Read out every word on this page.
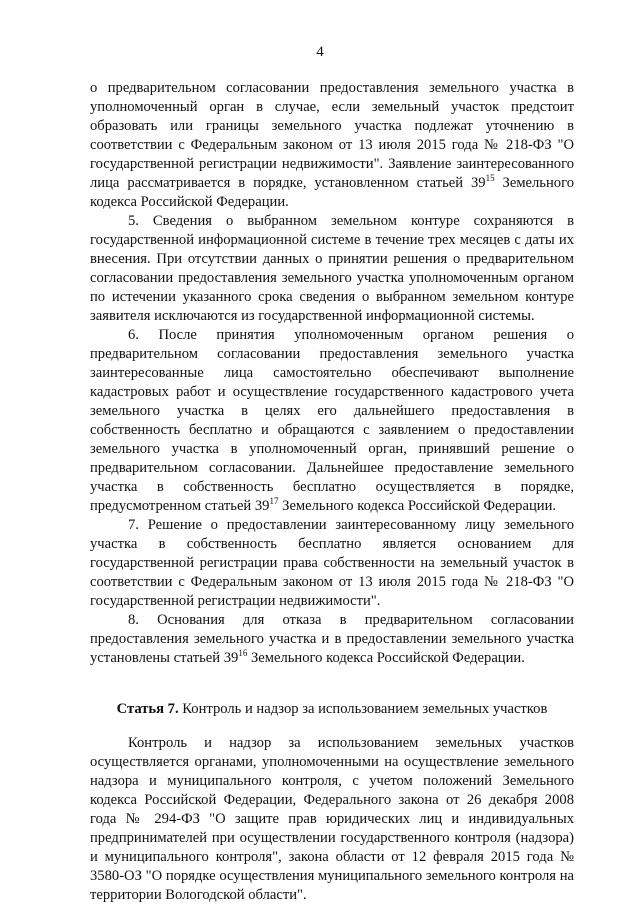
4

о предварительном согласовании предоставления земельного участка в уполномоченный орган в случае, если земельный участок предстоит образовать или границы земельного участка подлежат уточнению в соответствии с Федеральным законом от 13 июля 2015 года № 218-ФЗ "О государственной регистрации недвижимости". Заявление заинтересованного лица рассматривается в порядке, установленном статьей $39^{15}$ Земельного кодекса Российской Федерации.

5. Сведения о выбранном земельном контуре сохраняются в государственной информационной системе в течение трех месяцев с даты их внесения. При отсутствии данных о принятии решения о предварительном согласовании предоставления земельного участка уполномоченным органом по истечении указанного срока сведения о выбранном земельном контуре заявителя исключаются из государственной информационной системы.

6. После принятия уполномоченным органом решения о предварительном согласовании предоставления земельного участка заинтересованные лица самостоятельно обеспечивают выполнение кадастровых работ и осуществление государственного кадастрового учета земельного участка в целях его дальнейшего предоставления в собственность бесплатно и обращаются с заявлением о предоставлении земельного участка в уполномоченный орган, принявший решение о предварительном согласовании. Дальнейшее предоставление земельного участка в собственность бесплатно осуществляется в порядке, предусмотренном статьей $39^{17}$ Земельного кодекса Российской Федерации.

7. Решение о предоставлении заинтересованному лицу земельного участка в собственность бесплатно является основанием для государственной регистрации права собственности на земельный участок в соответствии с Федеральным законом от 13 июля 2015 года № 218-ФЗ "О государственной регистрации недвижимости".

8. Основания для отказа в предварительном согласовании предоставления земельного участка и в предоставлении земельного участка установлены статьей $39^{16}$ Земельного кодекса Российской Федерации.

Статья 7. Контроль и надзор за использованием земельных участков

Контроль и надзор за использованием земельных участков осуществляется органами, уполномоченными на осуществление земельного надзора и муниципального контроля, с учетом положений Земельного кодекса Российской Федерации, Федерального закона от 26 декабря 2008 года № 294-ФЗ "О защите прав юридических лиц и индивидуальных предпринимателей при осуществлении государственного контроля (надзора) и муниципального контроля", закона области от 12 февраля 2015 года № 3580-ОЗ "О порядке осуществления муниципального земельного контроля на территории Вологодской области".
